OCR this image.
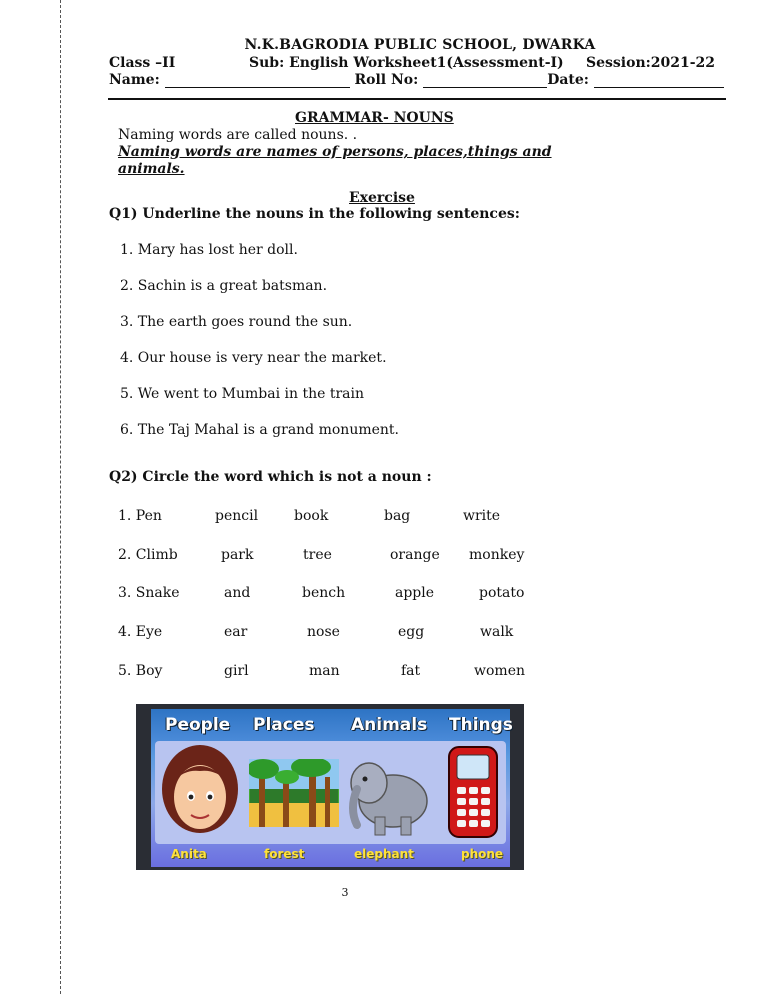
N.K.BAGRODIA PUBLIC SCHOOL, DWARKA
Class –II	Sub: English Worksheet1(Assessment-I) Session:2021-22
Name:	Roll No:	Date:
GRAMMAR- NOUNS
Naming words are called nouns. .
Naming words are names of persons, places,things and
animals.
Exercise
Q1) Underline the nouns in the following sentences:
1. Mary has lost her doll.
2. Sachin is a great batsman.
3. The earth goes round the sun.
4. Our house is very near the market.
5. We went to Mumbai in the train
6. The Taj Mahal is a grand monument.
Q2) Circle the word which is not a noun :
1. Pen	pencil	book	bag	write
2. Climb	park	tree	orange monkey
3. Snake	and	bench	apple	potato
4. Eye	ear	nose	egg	walk
5. Boy	girl	man	fat	women
People Places Animals Things
Anita	forest	elephant	phone
3
